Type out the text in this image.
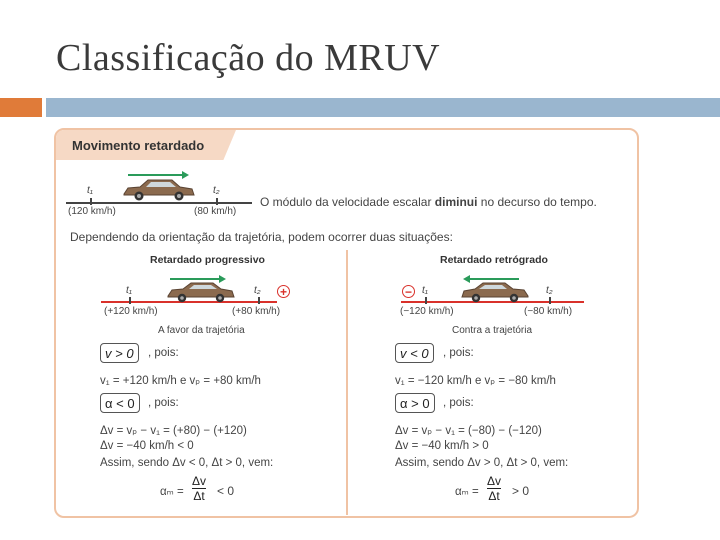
Classificação do MRUV
Movimento retardado
t₁	t₂
(120 km/h)	(80 km/h)
O módulo da velocidade escalar diminui no decurso do tempo.
Dependendo da orientação da trajetória, podem ocorrer duas situações:
Retardado progressivo
t₁	t₂ +
(+120 km/h)	(+80 km/h)
A favor da trajetória
v > 0	, pois:
v₁ = +120 km/h e vₚ = +80 km/h
α < 0	, pois:
Δv = vₚ − v₁ = (+80) − (+120)
Δv = −40 km/h < 0
Assim, sendo Δv < 0, Δt > 0, vem:
$\alpha_m = \frac{\Delta v}{\Delta t} < 0$
Retardado retrógrado
t₁	t₂
−
(−120 km/h)	(−80 km/h)
Contra a trajetória
v < 0	, pois:
v₁ = −120 km/h e vₚ = −80 km/h
α > 0	, pois:
Δv = vₚ − v₁ = (−80) − (−120)
Δv = −40 km/h > 0
Assim, sendo Δv > 0, Δt > 0, vem:
$\alpha_m = \frac{\Delta v}{\Delta t} > 0$
